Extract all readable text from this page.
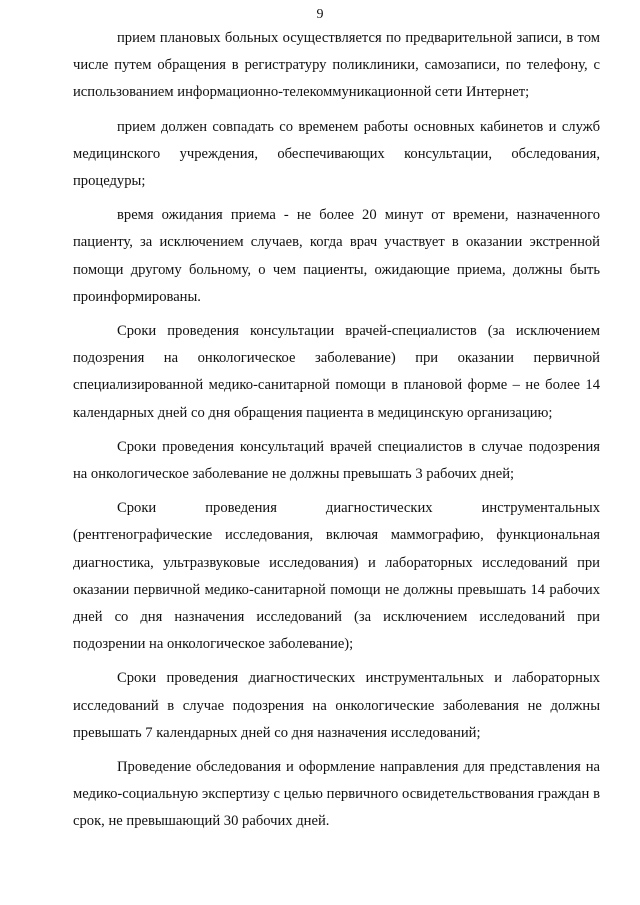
9

прием плановых больных осуществляется по предварительной записи, в том числе путем обращения в регистратуру поликлиники, самозаписи, по телефону, с использованием информационно-телекоммуникационной сети Интернет;

прием должен совпадать со временем работы основных кабинетов и служб медицинского учреждения, обеспечивающих консультации, обследования, процедуры;

время ожидания приема - не более 20 минут от времени, назначенного пациенту, за исключением случаев, когда врач участвует в оказании экстренной помощи другому больному, о чем пациенты, ожидающие приема, должны быть проинформированы.

Сроки проведения консультации врачей-специалистов (за исключением подозрения на онкологическое заболевание) при оказании первичной специализированной медико-санитарной помощи в плановой форме – не более 14 календарных дней со дня обращения пациента в медицинскую организацию;

Сроки проведения консультаций врачей специалистов в случае подозрения на онкологическое заболевание не должны превышать 3 рабочих дней;

Сроки проведения диагностических инструментальных (рентгенографические исследования, включая маммографию, функциональная диагностика, ультразвуковые исследования) и лабораторных исследований при оказании первичной медико-санитарной помощи не должны превышать 14 рабочих дней со дня назначения исследований (за исключением исследований при подозрении на онкологическое заболевание);

Сроки проведения диагностических инструментальных и лабораторных исследований в случае подозрения на онкологические заболевания не должны превышать 7 календарных дней со дня назначения исследований;

Проведение обследования и оформление направления для представления на медико-социальную экспертизу с целью первичного освидетельствования граждан в срок, не превышающий 30 рабочих дней.
